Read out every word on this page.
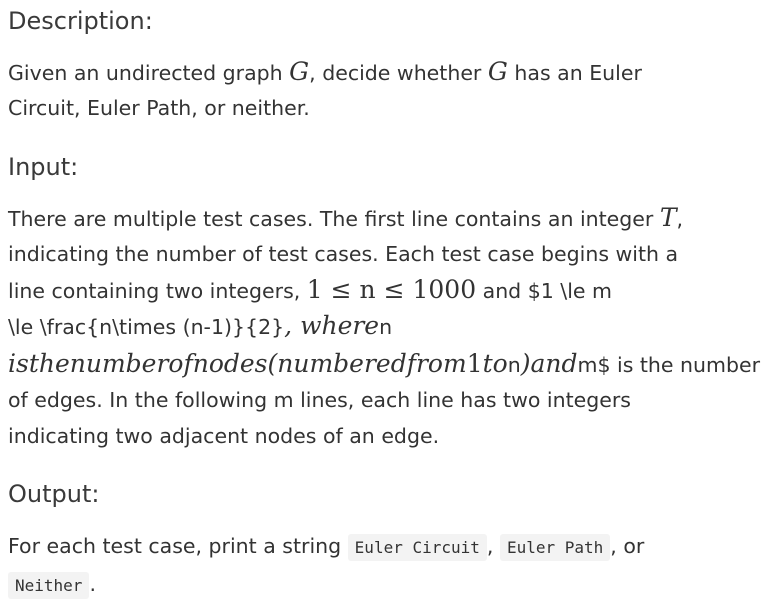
Description:
Given an undirected graph G, decide whether G has an Euler
Circuit, Euler Path, or neither.
Input:
There are multiple test cases. The first line contains an integer T,
indicating the number of test cases. Each test case begins with a
line containing two integers, 1 ≤ n ≤ 1000 and $1 \le m
\le \frac{n\times (n-1)}{2}, wheren
isthenumberofnodes(numberedfrom1ton)andm$ is the number
of edges. In the following m lines, each line has two integers
indicating two adjacent nodes of an edge.
Output:
For each test case, print a string Euler Circuit , Euler Path , or
Neither .
